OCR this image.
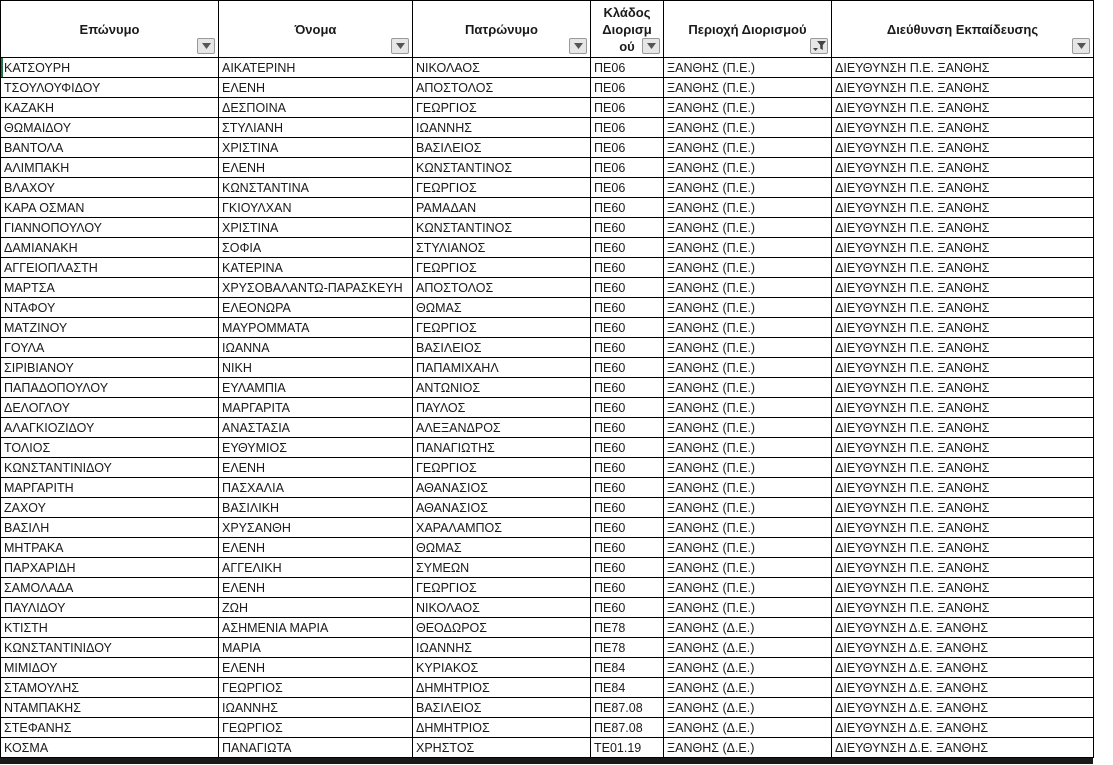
Επώνυμο	Όνομα	Πατρώνυμο	Κλάδος Διορισμού	Περιοχή Διορισμού	Διεύθυνση Εκπαίδευσης

ΚΑΤΣΟΥΡΗ	ΑΙΚΑΤΕΡΙΝΗ	ΝΙΚΟΛΑΟΣ	ΠΕ06	ΞΑΝΘΗΣ (Π.Ε.)	ΔΙΕΥΘΥΝΣΗ Π.Ε. ΞΑΝΘΗΣ
ΤΣΟΥΛΟΥΦΙΔΟΥ	ΕΛΕΝΗ	ΑΠΟΣΤΟΛΟΣ	ΠΕ06	ΞΑΝΘΗΣ (Π.Ε.)	ΔΙΕΥΘΥΝΣΗ Π.Ε. ΞΑΝΘΗΣ
ΚΑΖΑΚΗ	ΔΕΣΠΟΙΝΑ	ΓΕΩΡΓΙΟΣ	ΠΕ06	ΞΑΝΘΗΣ (Π.Ε.)	ΔΙΕΥΘΥΝΣΗ Π.Ε. ΞΑΝΘΗΣ
ΘΩΜΑΙΔΟΥ	ΣΤΥΛΙΑΝΗ	ΙΩΑΝΝΗΣ	ΠΕ06	ΞΑΝΘΗΣ (Π.Ε.)	ΔΙΕΥΘΥΝΣΗ Π.Ε. ΞΑΝΘΗΣ
ΒΑΝΤΟΛΑ	ΧΡΙΣΤΙΝΑ	ΒΑΣΙΛΕΙΟΣ	ΠΕ06	ΞΑΝΘΗΣ (Π.Ε.)	ΔΙΕΥΘΥΝΣΗ Π.Ε. ΞΑΝΘΗΣ
ΑΛΙΜΠΑΚΗ	ΕΛΕΝΗ	ΚΩΝΣΤΑΝΤΙΝΟΣ	ΠΕ06	ΞΑΝΘΗΣ (Π.Ε.)	ΔΙΕΥΘΥΝΣΗ Π.Ε. ΞΑΝΘΗΣ
ΒΛΑΧΟΥ	ΚΩΝΣΤΑΝΤΙΝΑ	ΓΕΩΡΓΙΟΣ	ΠΕ06	ΞΑΝΘΗΣ (Π.Ε.)	ΔΙΕΥΘΥΝΣΗ Π.Ε. ΞΑΝΘΗΣ
ΚΑΡΑ ΟΣΜΑΝ	ΓΚΙΟΥΛΧΑΝ	ΡΑΜΑΔΑΝ	ΠΕ60	ΞΑΝΘΗΣ (Π.Ε.)	ΔΙΕΥΘΥΝΣΗ Π.Ε. ΞΑΝΘΗΣ
ΓΙΑΝΝΟΠΟΥΛΟΥ	ΧΡΙΣΤΙΝΑ	ΚΩΝΣΤΑΝΤΙΝΟΣ	ΠΕ60	ΞΑΝΘΗΣ (Π.Ε.)	ΔΙΕΥΘΥΝΣΗ Π.Ε. ΞΑΝΘΗΣ
ΔΑΜΙΑΝΑΚΗ	ΣΟΦΙΑ	ΣΤΥΛΙΑΝΟΣ	ΠΕ60	ΞΑΝΘΗΣ (Π.Ε.)	ΔΙΕΥΘΥΝΣΗ Π.Ε. ΞΑΝΘΗΣ
ΑΓΓΕΙΟΠΛΑΣΤΗ	ΚΑΤΕΡΙΝΑ	ΓΕΩΡΓΙΟΣ	ΠΕ60	ΞΑΝΘΗΣ (Π.Ε.)	ΔΙΕΥΘΥΝΣΗ Π.Ε. ΞΑΝΘΗΣ
ΜΑΡΤΣΑ	ΧΡΥΣΟΒΑΛΑΝΤΩ-ΠΑΡΑΣΚΕΥΗ	ΑΠΟΣΤΟΛΟΣ	ΠΕ60	ΞΑΝΘΗΣ (Π.Ε.)	ΔΙΕΥΘΥΝΣΗ Π.Ε. ΞΑΝΘΗΣ
ΝΤΑΦΟΥ	ΕΛΕΟΝΩΡΑ	ΘΩΜΑΣ	ΠΕ60	ΞΑΝΘΗΣ (Π.Ε.)	ΔΙΕΥΘΥΝΣΗ Π.Ε. ΞΑΝΘΗΣ
ΜΑΤΖΙΝΟΥ	ΜΑΥΡΟΜΜΑΤΑ	ΓΕΩΡΓΙΟΣ	ΠΕ60	ΞΑΝΘΗΣ (Π.Ε.)	ΔΙΕΥΘΥΝΣΗ Π.Ε. ΞΑΝΘΗΣ
ΓΟΥΛΑ	ΙΩΑΝΝΑ	ΒΑΣΙΛΕΙΟΣ	ΠΕ60	ΞΑΝΘΗΣ (Π.Ε.)	ΔΙΕΥΘΥΝΣΗ Π.Ε. ΞΑΝΘΗΣ
ΣΙΡΙΒΙΑΝΟΥ	ΝΙΚΗ	ΠΑΠΑΜΙΧΑΗΛ	ΠΕ60	ΞΑΝΘΗΣ (Π.Ε.)	ΔΙΕΥΘΥΝΣΗ Π.Ε. ΞΑΝΘΗΣ
ΠΑΠΑΔΟΠΟΥΛΟΥ	ΕΥΛΑΜΠΙΑ	ΑΝΤΩΝΙΟΣ	ΠΕ60	ΞΑΝΘΗΣ (Π.Ε.)	ΔΙΕΥΘΥΝΣΗ Π.Ε. ΞΑΝΘΗΣ
ΔΕΛΟΓΛΟΥ	ΜΑΡΓΑΡΙΤΑ	ΠΑΥΛΟΣ	ΠΕ60	ΞΑΝΘΗΣ (Π.Ε.)	ΔΙΕΥΘΥΝΣΗ Π.Ε. ΞΑΝΘΗΣ
ΑΛΑΓΚΙΟΖΙΔΟΥ	ΑΝΑΣΤΑΣΙΑ	ΑΛΕΞΑΝΔΡΟΣ	ΠΕ60	ΞΑΝΘΗΣ (Π.Ε.)	ΔΙΕΥΘΥΝΣΗ Π.Ε. ΞΑΝΘΗΣ
ΤΟΛΙΟΣ	ΕΥΘΥΜΙΟΣ	ΠΑΝΑΓΙΩΤΗΣ	ΠΕ60	ΞΑΝΘΗΣ (Π.Ε.)	ΔΙΕΥΘΥΝΣΗ Π.Ε. ΞΑΝΘΗΣ
ΚΩΝΣΤΑΝΤΙΝΙΔΟΥ	ΕΛΕΝΗ	ΓΕΩΡΓΙΟΣ	ΠΕ60	ΞΑΝΘΗΣ (Π.Ε.)	ΔΙΕΥΘΥΝΣΗ Π.Ε. ΞΑΝΘΗΣ
ΜΑΡΓΑΡΙΤΗ	ΠΑΣΧΑΛΙΑ	ΑΘΑΝΑΣΙΟΣ	ΠΕ60	ΞΑΝΘΗΣ (Π.Ε.)	ΔΙΕΥΘΥΝΣΗ Π.Ε. ΞΑΝΘΗΣ
ΖΑΧΟΥ	ΒΑΣΙΛΙΚΗ	ΑΘΑΝΑΣΙΟΣ	ΠΕ60	ΞΑΝΘΗΣ (Π.Ε.)	ΔΙΕΥΘΥΝΣΗ Π.Ε. ΞΑΝΘΗΣ
ΒΑΣΙΛΗ	ΧΡΥΣΑΝΘΗ	ΧΑΡΑΛΑΜΠΟΣ	ΠΕ60	ΞΑΝΘΗΣ (Π.Ε.)	ΔΙΕΥΘΥΝΣΗ Π.Ε. ΞΑΝΘΗΣ
ΜΗΤΡΑΚΑ	ΕΛΕΝΗ	ΘΩΜΑΣ	ΠΕ60	ΞΑΝΘΗΣ (Π.Ε.)	ΔΙΕΥΘΥΝΣΗ Π.Ε. ΞΑΝΘΗΣ
ΠΑΡΧΑΡΙΔΗ	ΑΓΓΕΛΙΚΗ	ΣΥΜΕΩΝ	ΠΕ60	ΞΑΝΘΗΣ (Π.Ε.)	ΔΙΕΥΘΥΝΣΗ Π.Ε. ΞΑΝΘΗΣ
ΣΑΜΟΛΑΔΑ	ΕΛΕΝΗ	ΓΕΩΡΓΙΟΣ	ΠΕ60	ΞΑΝΘΗΣ (Π.Ε.)	ΔΙΕΥΘΥΝΣΗ Π.Ε. ΞΑΝΘΗΣ
ΠΑΥΛΙΔΟΥ	ΖΩΗ	ΝΙΚΟΛΑΟΣ	ΠΕ60	ΞΑΝΘΗΣ (Π.Ε.)	ΔΙΕΥΘΥΝΣΗ Π.Ε. ΞΑΝΘΗΣ
ΚΤΙΣΤΗ	ΑΣΗΜΕΝΙΑ ΜΑΡΙΑ	ΘΕΟΔΩΡΟΣ	ΠΕ78	ΞΑΝΘΗΣ (Δ.Ε.)	ΔΙΕΥΘΥΝΣΗ Δ.Ε. ΞΑΝΘΗΣ
ΚΩΝΣΤΑΝΤΙΝΙΔΟΥ	ΜΑΡΙΑ	ΙΩΑΝΝΗΣ	ΠΕ78	ΞΑΝΘΗΣ (Δ.Ε.)	ΔΙΕΥΘΥΝΣΗ Δ.Ε. ΞΑΝΘΗΣ
ΜΙΜΙΔΟΥ	ΕΛΕΝΗ	ΚΥΡΙΑΚΟΣ	ΠΕ84	ΞΑΝΘΗΣ (Δ.Ε.)	ΔΙΕΥΘΥΝΣΗ Δ.Ε. ΞΑΝΘΗΣ
ΣΤΑΜΟΥΛΗΣ	ΓΕΩΡΓΙΟΣ	ΔΗΜΗΤΡΙΟΣ	ΠΕ84	ΞΑΝΘΗΣ (Δ.Ε.)	ΔΙΕΥΘΥΝΣΗ Δ.Ε. ΞΑΝΘΗΣ
ΝΤΑΜΠΑΚΗΣ	ΙΩΑΝΝΗΣ	ΒΑΣΙΛΕΙΟΣ	ΠΕ87.08	ΞΑΝΘΗΣ (Δ.Ε.)	ΔΙΕΥΘΥΝΣΗ Δ.Ε. ΞΑΝΘΗΣ
ΣΤΕΦΑΝΗΣ	ΓΕΩΡΓΙΟΣ	ΔΗΜΗΤΡΙΟΣ	ΠΕ87.08	ΞΑΝΘΗΣ (Δ.Ε.)	ΔΙΕΥΘΥΝΣΗ Δ.Ε. ΞΑΝΘΗΣ
ΚΟΣΜΑ	ΠΑΝΑΓΙΩΤΑ	ΧΡΗΣΤΟΣ	ΤΕ01.19	ΞΑΝΘΗΣ (Δ.Ε.)	ΔΙΕΥΘΥΝΣΗ Δ.Ε. ΞΑΝΘΗΣ
